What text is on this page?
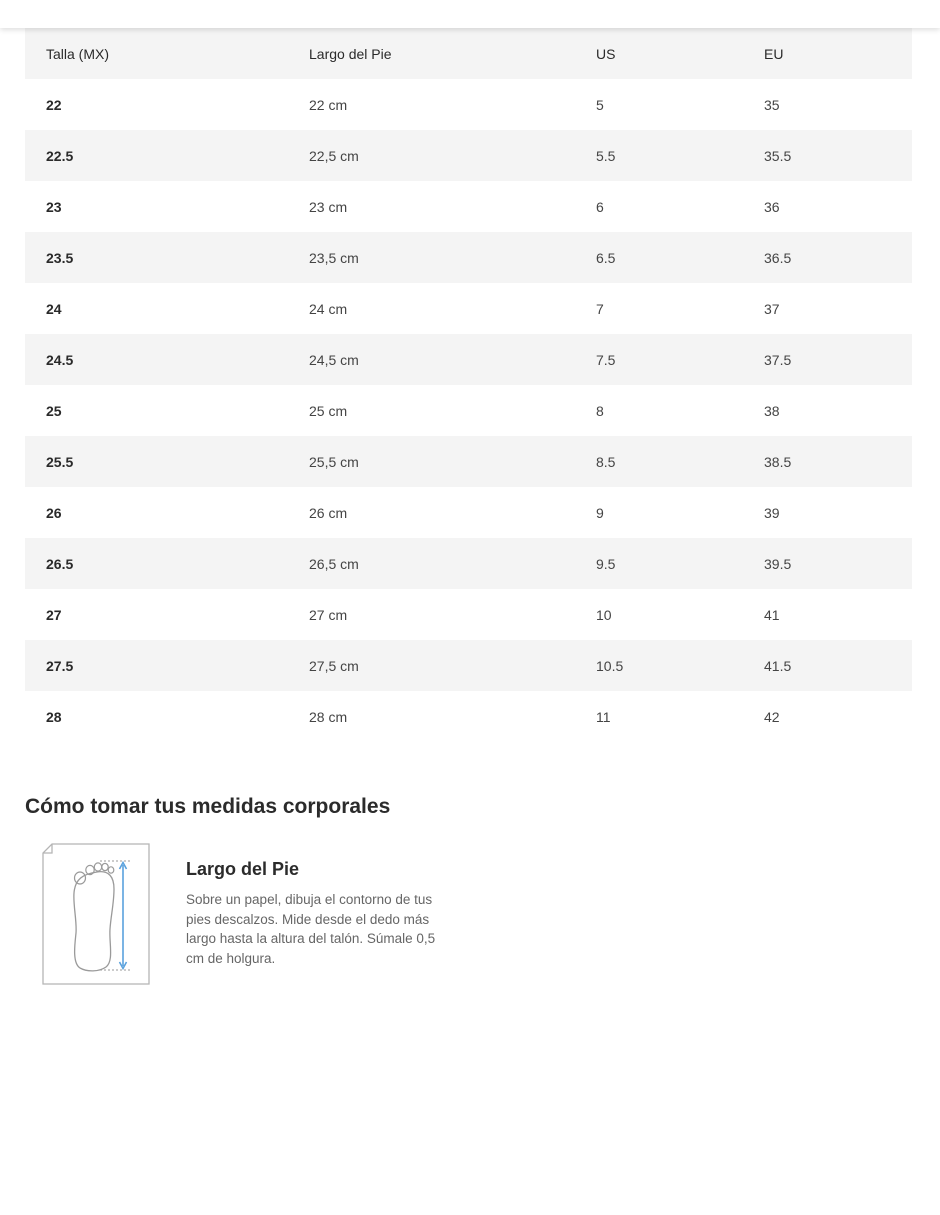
Talla (MX)	Largo del Pie	US	EU
22	22 cm	5	35
22.5	22,5 cm	5.5	35.5
23	23 cm	6	36
23.5	23,5 cm	6.5	36.5
24	24 cm	7	37
24.5	24,5 cm	7.5	37.5
25	25 cm	8	38
25.5	25,5 cm	8.5	38.5
26	26 cm	9	39
26.5	26,5 cm	9.5	39.5
27	27 cm	10	41
27.5	27,5 cm	10.5	41.5
28	28 cm	11	42
Cómo tomar tus medidas corporales
Largo del Pie

Sobre un papel, dibuja el contorno de tus pies descalzos. Mide desde el dedo más largo hasta la altura del talón. Súmale 0,5 cm de holgura.
